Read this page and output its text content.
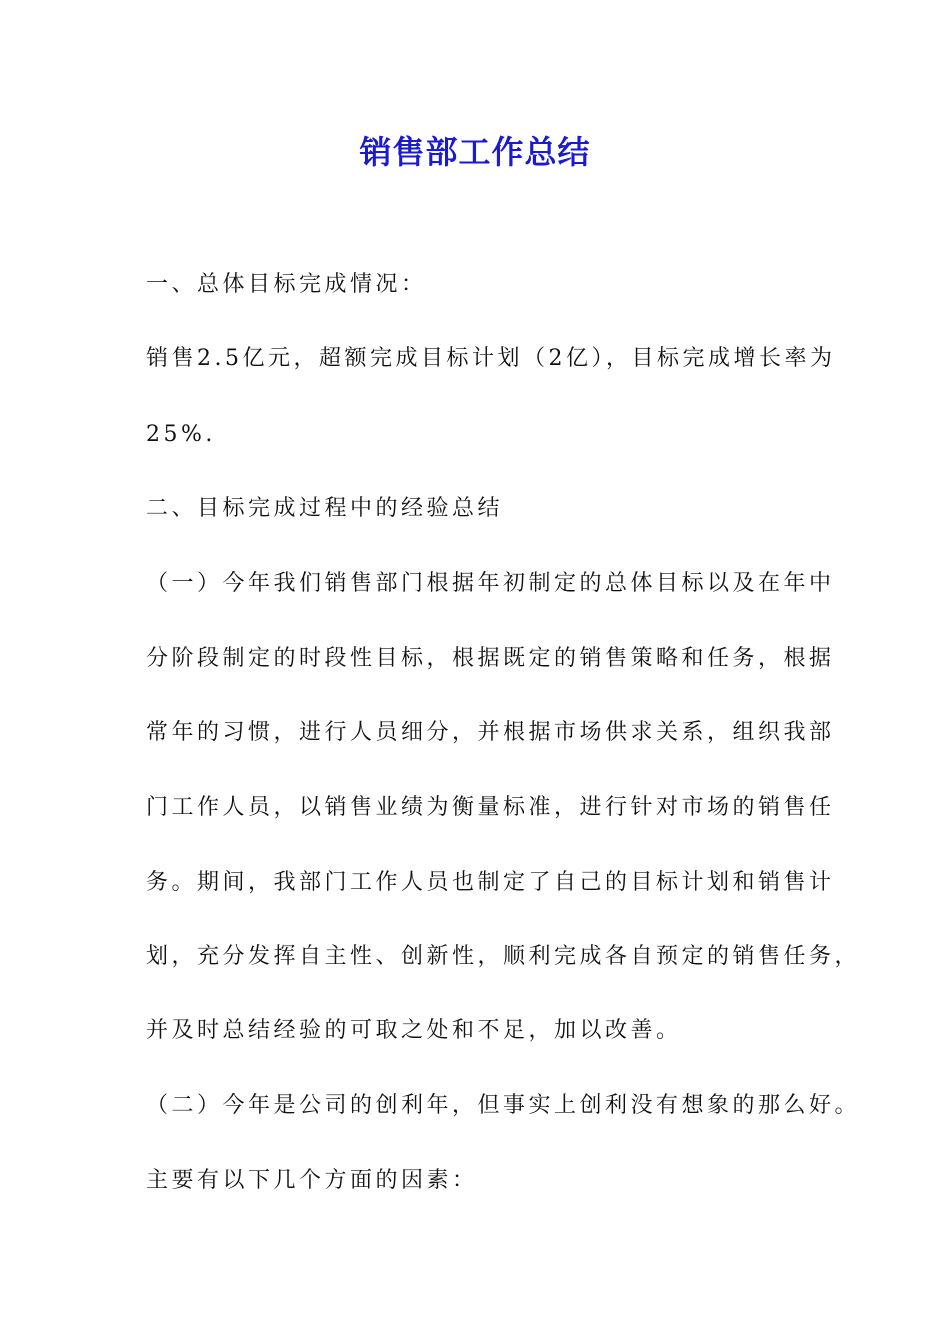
销售部工作总结
一、总体目标完成情况：
销售2.5亿元，超额完成目标计划（2亿），目标完成增长率为
25%.
二、目标完成过程中的经验总结
（一）今年我们销售部门根据年初制定的总体目标以及在年中
分阶段制定的时段性目标，根据既定的销售策略和任务，根据
常年的习惯，进行人员细分，并根据市场供求关系，组织我部
门工作人员，以销售业绩为衡量标准，进行针对市场的销售任
务。期间，我部门工作人员也制定了自己的目标计划和销售计
划，充分发挥自主性、创新性，顺利完成各自预定的销售任务，
并及时总结经验的可取之处和不足，加以改善。
（二）今年是公司的创利年，但事实上创利没有想象的那么好。
主要有以下几个方面的因素：
